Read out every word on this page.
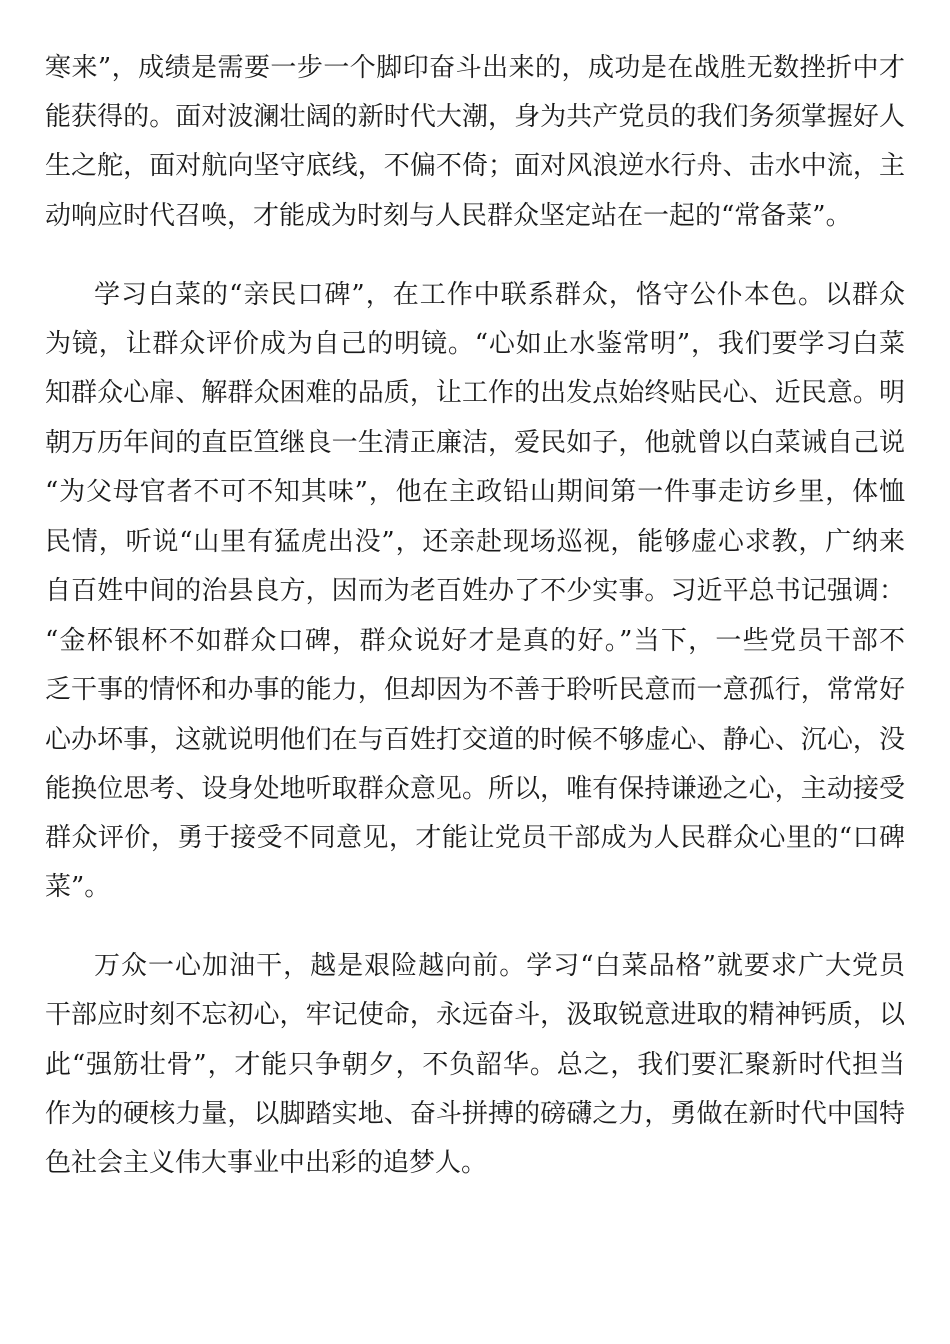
寒来”，成绩是需要一步一个脚印奋斗出来的，成功是在战胜无数挫折中才
能获得的。面对波澜壮阔的新时代大潮，身为共产党员的我们务须掌握好人
生之舵，面对航向坚守底线，不偏不倚；面对风浪逆水行舟、击水中流，主
动响应时代召唤，才能成为时刻与人民群众坚定站在一起的“常备菜”。
学习白菜的“亲民口碑”，在工作中联系群众，恪守公仆本色。以群众
为镜，让群众评价成为自己的明镜。“心如止水鉴常明”，我们要学习白菜
知群众心扉、解群众困难的品质，让工作的出发点始终贴民心、近民意。明
朝万历年间的直臣笪继良一生清正廉洁，爱民如子，他就曾以白菜诫自己说
“为父母官者不可不知其味”，他在主政铅山期间第一件事走访乡里，体恤
民情，听说“山里有猛虎出没”，还亲赴现场巡视，能够虚心求教，广纳来
自百姓中间的治县良方，因而为老百姓办了不少实事。习近平总书记强调：
“金杯银杯不如群众口碑，群众说好才是真的好。”当下，一些党员干部不
乏干事的情怀和办事的能力，但却因为不善于聆听民意而一意孤行，常常好
心办坏事，这就说明他们在与百姓打交道的时候不够虚心、静心、沉心，没
能换位思考、设身处地听取群众意见。所以，唯有保持谦逊之心，主动接受
群众评价，勇于接受不同意见，才能让党员干部成为人民群众心里的“口碑
菜”。
万众一心加油干，越是艰险越向前。学习“白菜品格”就要求广大党员
干部应时刻不忘初心，牢记使命，永远奋斗，汲取锐意进取的精神钙质，以
此“强筋壮骨”，才能只争朝夕，不负韶华。总之，我们要汇聚新时代担当
作为的硬核力量，以脚踏实地、奋斗拼搏的磅礴之力，勇做在新时代中国特
色社会主义伟大事业中出彩的追梦人。
